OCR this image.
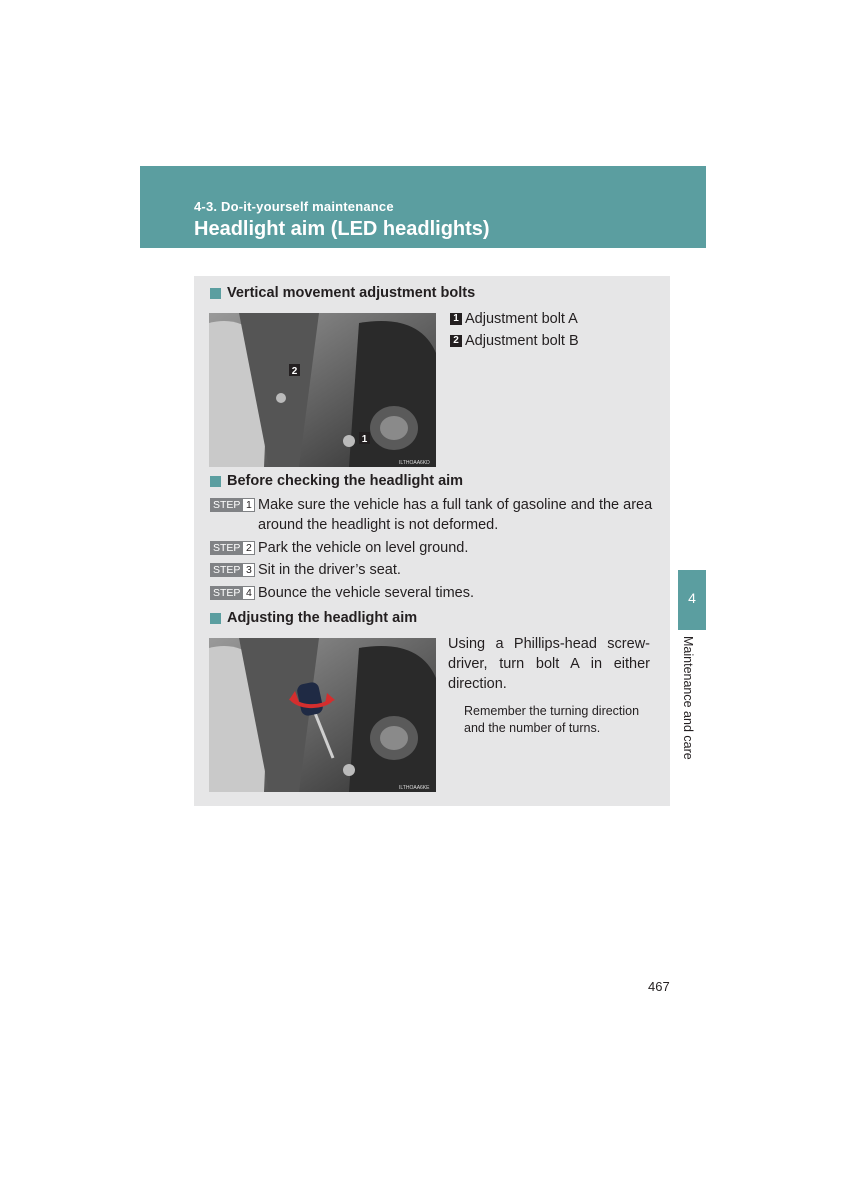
4-3. Do-it-yourself maintenance
Headlight aim (LED headlights)
Vertical movement adjustment bolts
2
1
ILTHOAA6KD
1 Adjustment bolt A
2 Adjustment bolt B
Before checking the headlight aim
STEP 1 Make sure the vehicle has a full tank of gasoline and the area
around the headlight is not deformed.
STEP 2 Park the vehicle on level ground.
STEP 3 Sit in the driver’s seat.
STEP 4 Bounce the vehicle several times.
Adjusting the headlight aim
ILTHOAA6KE
Using a Phillips-head screw-driver, turn bolt A in either direction.
Remember the turning direction and the number of turns.
4
Maintenance and care
467
